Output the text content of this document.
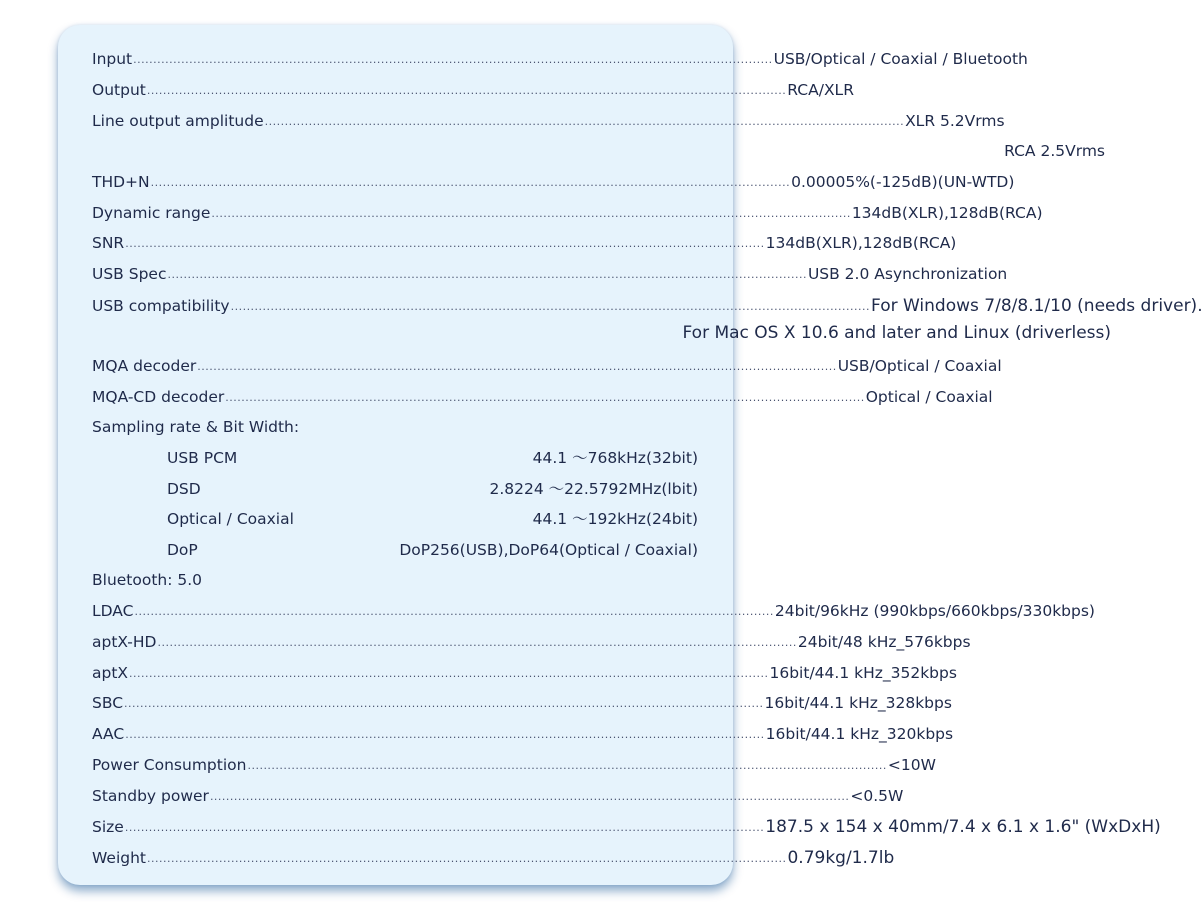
Input ................................................................................................................................................................ USB/Optical / Coaxial / Bluetooth
Output ................................................................................................................................................................ RCA/XLR
Line output amplitude ................................................................................................................................................................ XLR 5.2Vrms
RCA 2.5Vrms
THD+N ................................................................................................................................................................ 0.00005%(-125dB)(UN-WTD)
Dynamic range ................................................................................................................................................................ 134dB(XLR),128dB(RCA)
SNR ................................................................................................................................................................ 134dB(XLR),128dB(RCA)
USB Spec ................................................................................................................................................................ USB 2.0 Asynchronization
USB compatibility ................................................................................................................................................................ For Windows 7/8/8.1/10 (needs driver).
For Mac OS X 10.6 and later and Linux (driverless)
MQA decoder ................................................................................................................................................................ USB/Optical / Coaxial
MQA-CD decoder ................................................................................................................................................................ Optical / Coaxial
Sampling rate & Bit Width:
USB PCM	44.1 ～768kHz(32bit)
DSD	2.8224 ～22.5792MHz(lbit)
Optical / Coaxial	44.1 ～192kHz(24bit)
DoP	DoP256(USB),DoP64(Optical / Coaxial)
Bluetooth: 5.0
LDAC ................................................................................................................................................................ 24bit/96kHz (990kbps/660kbps/330kbps)
aptX-HD ................................................................................................................................................................ 24bit/48 kHz_576kbps
aptX ................................................................................................................................................................ 16bit/44.1 kHz_352kbps
SBC ................................................................................................................................................................ 16bit/44.1 kHz_328kbps
AAC ................................................................................................................................................................ 16bit/44.1 kHz_320kbps
Power Consumption ................................................................................................................................................................ <10W
Standby power ................................................................................................................................................................ <0.5W
Size ................................................................................................................................................................ 187.5 x 154 x 40mm/7.4 x 6.1 x 1.6" (WxDxH)
Weight ................................................................................................................................................................ 0.79kg/1.7lb
